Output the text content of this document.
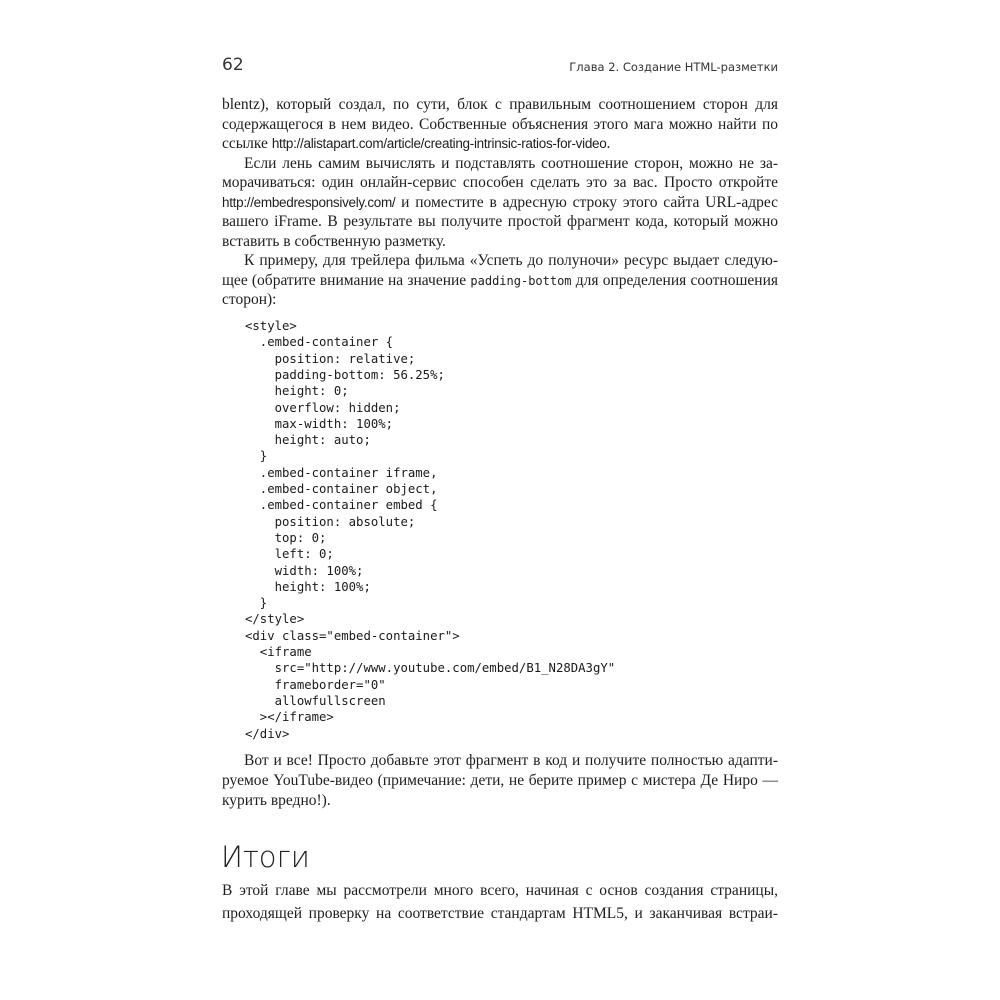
62	Глава 2. Создание HTML-разметки
Итоги
blentz), который создал, по сути, блок с правильным соотношением сторон для
содержащегося в нем видео. Собственные объяснения этого мага можно найти по
ссылке http://alistapart.com/article/creating-intrinsic-ratios-for-video.
Если лень самим вычислять и подставлять соотношение сторон, можно не за-
морачиваться: один онлайн-сервис способен сделать это за вас. Просто откройте
http://embedresponsively.com/ и поместите в адресную строку этого сайта URL-адрес
вашего iFrame. В результате вы получите простой фрагмент кода, который можно
вставить в собственную разметку.
К примеру, для трейлера фильма «Успеть до полуночи» ресурс выдает следую-
щее (обратите внимание на значение padding-bottom для определения соотношения
сторон):
<style>
.embed-container {
position: relative;
padding-bottom: 56.25%;
height: 0;
overflow: hidden;
max-width: 100%;
height: auto;
}
.embed-container iframe,
.embed-container object,
.embed-container embed {
position: absolute;
top: 0;
left: 0;
width: 100%;
height: 100%;
}
</style>
<div class="embed-container">
<iframe
src="http://www.youtube.com/embed/B1_N28DA3gY"
frameborder="0"
allowfullscreen
></iframe>
</div>
Вот и все! Просто добавьте этот фрагмент в код и получите полностью адапти-
руемое YouTube-видео (примечание: дети, не берите пример с мистера Де Ниро —
курить вредно!).
В этой главе мы рассмотрели много всего, начиная с основ создания страницы,
проходящей проверку на соответствие стандартам HTML5, и заканчивая встраи-
